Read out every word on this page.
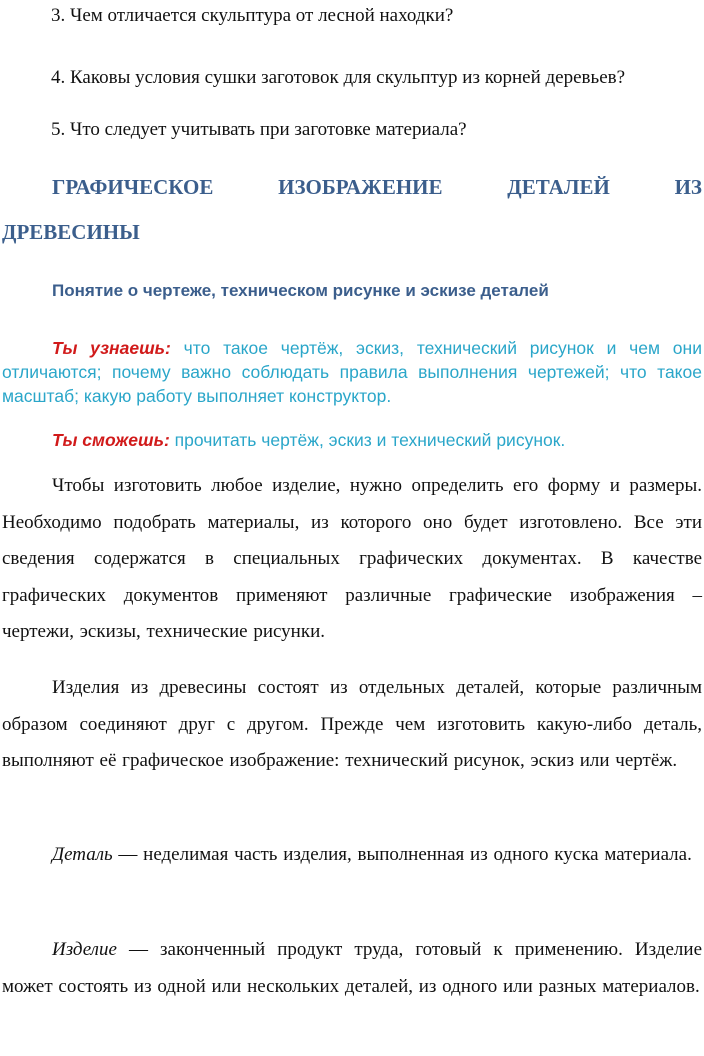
3. Чем отличается скульптура от лесной находки?
4. Каковы условия сушки заготовок для скульптур из корней деревьев?
5. Что следует учитывать при заготовке материала?
ГРАФИЧЕСКОЕ	ИЗОБРАЖЕНИЕ	ДЕТАЛЕЙ	ИЗ
ДРЕВЕСИНЫ
Понятие о чертеже, техническом рисунке и эскизе деталей
Ты узнаешь: что такое чертёж, эскиз, технический рисунок и чем они отличаются; почему важно соблюдать правила выполнения чертежей; что такое масштаб; какую работу выполняет конструктор.
Ты сможешь: прочитать чертёж, эскиз и технический рисунок.
Чтобы изготовить любое изделие, нужно определить его форму и размеры. Необходимо подобрать материалы, из которого оно будет изготовлено. Все эти сведения содержатся в специальных графических документах. В качестве графических документов применяют различные графические изображения – чертежи, эскизы, технические рисунки.
Изделия из древесины состоят из отдельных деталей, которые различным образом соединяют друг с другом. Прежде чем изготовить какую-либо деталь, выполняют её графическое изображение: технический рисунок, эскиз или чертёж.
Деталь — неделимая часть изделия, выполненная из одного куска материала.
Изделие — законченный продукт труда, готовый к применению. Изделие может состоять из одной или нескольких деталей, из одного или разных материалов.
